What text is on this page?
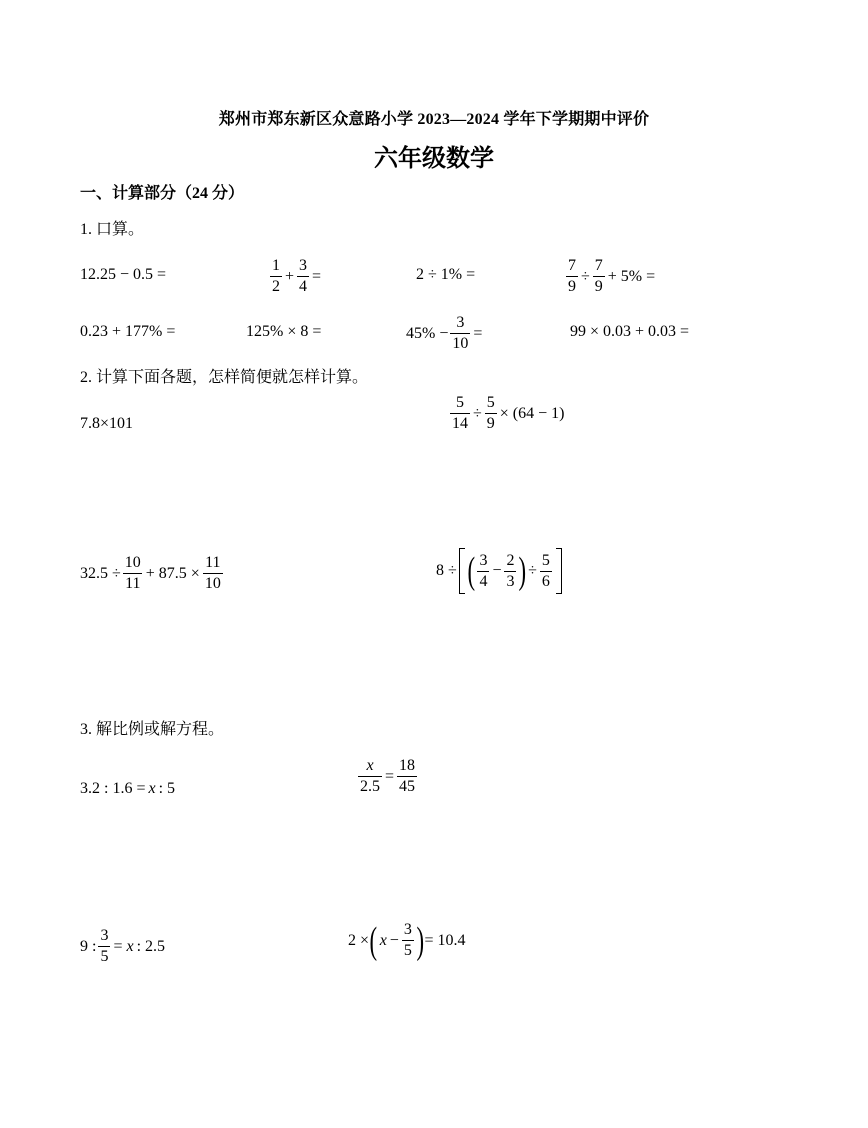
郑州市郑东新区众意路小学 2023—2024 学年下学期期中评价
六年级数学
一、计算部分（24 分）
1. 口算。
12.25 − 0.5 =	$\frac{1}{2} + \frac{3}{4}$ =	2 ÷ 1% =	$\frac{7}{9} \div \frac{7}{9} + 5\%$ =
0.23 + 177% =	125% × 8 =	$45\% - \frac{3}{10}$ =	99 × 0.03 + 0.03 =
2. 计算下面各题，怎样简便就怎样计算。
7.8×101	$\frac{5}{14} \div \frac{5}{9} \times (64 - 1)$
$32.5 \div \frac{10}{11} + 87.5 \times \frac{11}{10}$	8 ÷ ( $\frac{3}{4} - \frac{2}{3}$ ) ÷ $\frac{5}{6}$
3. 解比例或解方程。
3.2 : 1.6 = x : 5	$\frac{x}{2.5} = \frac{18}{45}$
9 : $\frac{3}{5} = x$ : 2.5	2 × ( $x - \frac{3}{5}$ ) = 10.4
